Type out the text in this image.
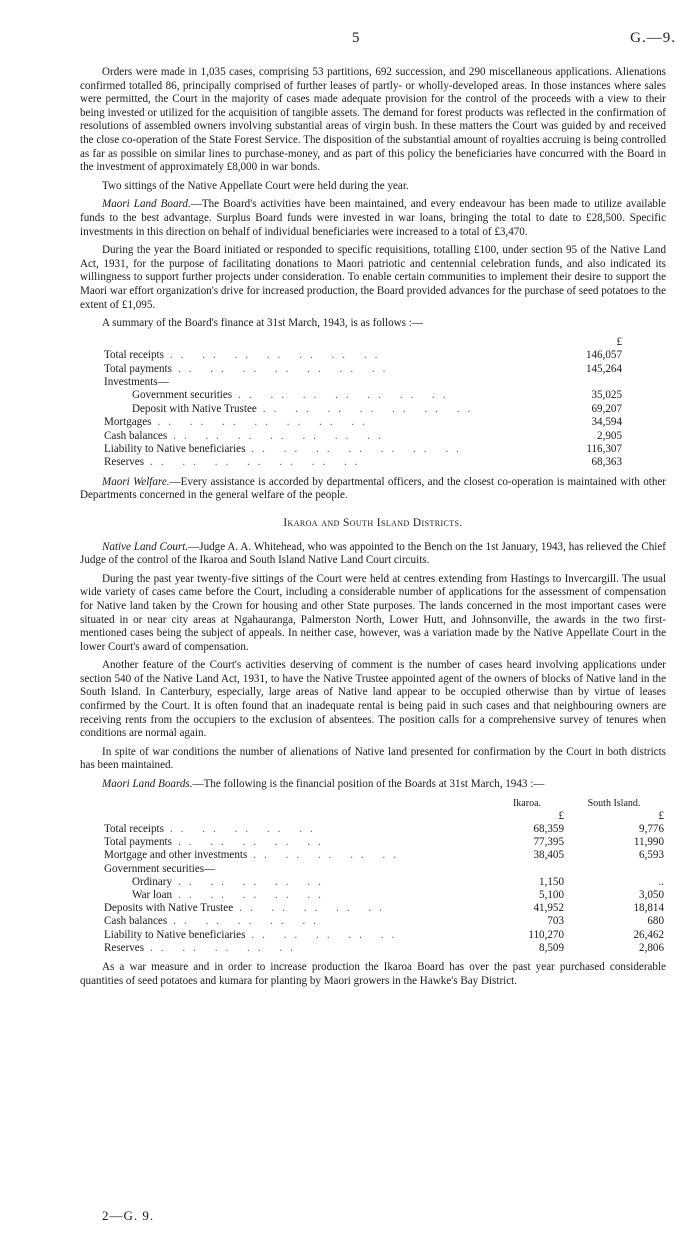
5	G.—9.

Orders were made in 1,035 cases, comprising 53 partitions, 692 succession, and 290 miscellaneous applications. Alienations confirmed totalled 86, principally comprised of further leases of partly- or wholly-developed areas. In those instances where sales were permitted, the Court in the majority of cases made adequate provision for the control of the proceeds with a view to their being invested or utilized for the acquisition of tangible assets. The demand for forest products was reflected in the confirmation of resolutions of assembled owners involving substantial areas of virgin bush. In these matters the Court was guided by and received the close co-operation of the State Forest Service. The disposition of the substantial amount of royalties accruing is being controlled as far as possible on similar lines to purchase-money, and as part of this policy the beneficiaries have concurred with the Board in the investment of approximately £8,000 in war bonds.

Two sittings of the Native Appellate Court were held during the year.

Maori Land Board.—The Board's activities have been maintained, and every endeavour has been made to utilize available funds to the best advantage. Surplus Board funds were invested in war loans, bringing the total to date to £28,500. Specific investments in this direction on behalf of individual beneficiaries were increased to a total of £3,470.

During the year the Board initiated or responded to specific requisitions, totalling £100, under section 95 of the Native Land Act, 1931, for the purpose of facilitating donations to Maori patriotic and centennial celebration funds, and also indicated its willingness to support further projects under consideration. To enable certain communities to implement their desire to support the Maori war effort organization's drive for increased production, the Board provided advances for the purchase of seed potatoes to the extent of £1,095.

A summary of the Board's finance at 31st March, 1943, is as follows :—

	£
Total receipts .. .. .. .. .. .. ..	146,057
Total payments .. .. .. .. .. .. ..	145,264
Investments—	
Government securities .. .. .. .. .. .. ..	35,025
Deposit with Native Trustee .. .. .. .. .. .. ..	69,207
Mortgages .. .. .. .. .. .. ..	34,594
Cash balances .. .. .. .. .. .. ..	2,905
Liability to Native beneficiaries .. .. .. .. .. .. ..	116,307
Reserves .. .. .. .. .. .. ..	68,363

Maori Welfare.—Every assistance is accorded by departmental officers, and the closest co-operation is maintained with other Departments concerned in the general welfare of the people.

Ikaroa and South Island Districts.

Native Land Court.—Judge A. A. Whitehead, who was appointed to the Bench on the 1st January, 1943, has relieved the Chief Judge of the control of the Ikaroa and South Island Native Land Court circuits.

During the past year twenty-five sittings of the Court were held at centres extending from Hastings to Invercargill. The usual wide variety of cases came before the Court, including a considerable number of applications for the assessment of compensation for Native land taken by the Crown for housing and other State purposes. The lands concerned in the most important cases were situated in or near city areas at Ngahauranga, Palmerston North, Lower Hutt, and Johnsonville, the awards in the two first-mentioned cases being the subject of appeals. In neither case, however, was a variation made by the Native Appellate Court in the lower Court's award of compensation.

Another feature of the Court's activities deserving of comment is the number of cases heard involving applications under section 540 of the Native Land Act, 1931, to have the Native Trustee appointed agent of the owners of blocks of Native land in the South Island. In Canterbury, especially, large areas of Native land appear to be occupied otherwise than by virtue of leases confirmed by the Court. It is often found that an inadequate rental is being paid in such cases and that neighbouring owners are receiving rents from the occupiers to the exclusion of absentees. The position calls for a comprehensive survey of tenures when conditions are normal again.

In spite of war conditions the number of alienations of Native land presented for confirmation by the Court in both districts has been maintained.

Maori Land Boards.—The following is the financial position of the Boards at 31st March, 1943 :—

	Ikaroa.	South Island.
	£	£
Total receipts .. .. .. .. ..	68,359	9,776
Total payments .. .. .. .. ..	77,395	11,990
Mortgage and other investments .. .. .. .. ..	38,405	6,593
Government securities—		
Ordinary .. .. .. .. ..	1,150	..
War loan .. .. .. .. ..	5,100	3,050
Deposits with Native Trustee .. .. .. .. ..	41,952	18,814
Cash balances .. .. .. .. ..	703	680
Liability to Native beneficiaries .. .. .. .. ..	110,270	26,462
Reserves .. .. .. .. ..	8,509	2,806

As a war measure and in order to increase production the Ikaroa Board has over the past year purchased considerable quantities of seed potatoes and kumara for planting by Maori growers in the Hawke's Bay District.

2—G. 9.
